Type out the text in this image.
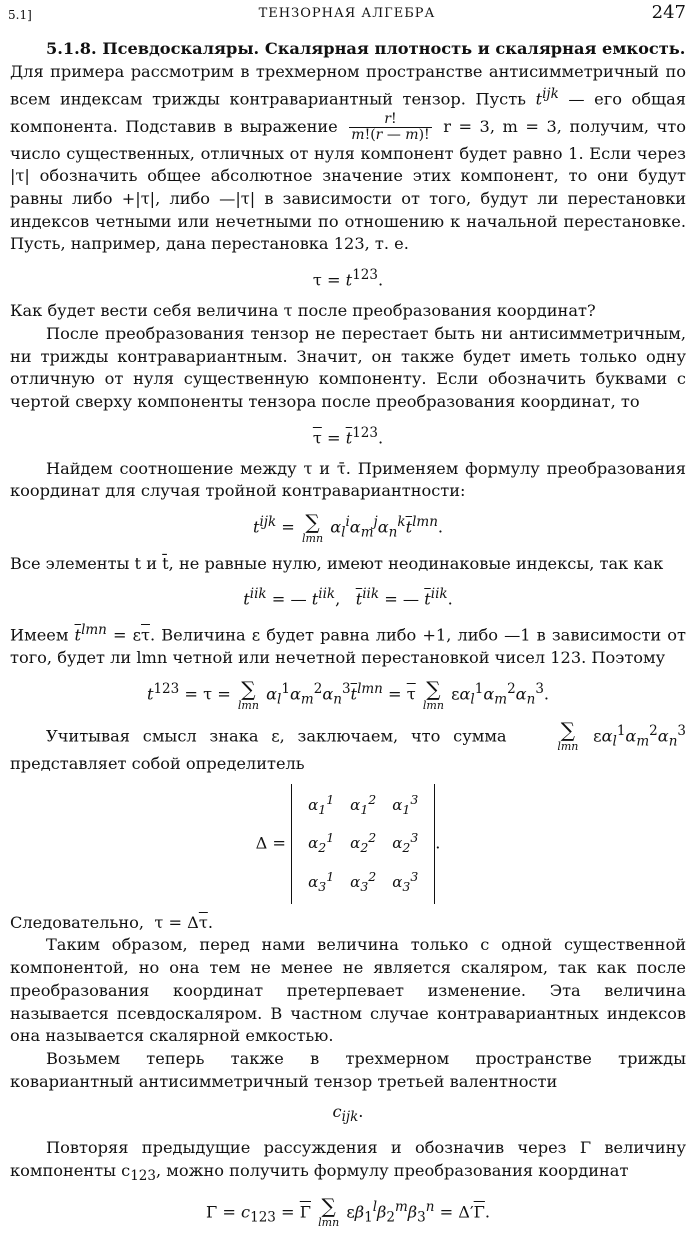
5.1]	ТЕНЗОРНАЯ АЛГЕБРА	247

5.1.8. Псевдоскаляры. Скалярная плотность и скалярная емкость.

Для примера рассмотрим в трехмерном пространстве антисимметричный по всем индексам трижды контравариантный тензор. Пусть $t^{ijk}$ — его общая компонента. Подставив в выражение $\frac{r!}{m!(r — m)!}$ r = 3, m = 3, получим, что число существенных, отличных от нуля компонент будет равно 1. Если через |τ| обозначить общее абсолютное значение этих компонент, то они будут равны либо +|τ|, либо —|τ| в зависимости от того, будут ли перестановки индексов четными или нечетными по отношению к начальной перестановке. Пусть, например, дана перестановка 123, т. е.

$\tau = t^{123}$.

Как будет вести себя величина τ после преобразования координат?

После преобразования тензор не перестает быть ни антисимметричным, ни трижды контравариантным. Значит, он также будет иметь только одну отличную от нуля существенную компоненту. Если обозначить буквами с чертой сверху компоненты тензора после преобразования координат, то

$\overline{\tau} = \overline{t}^{123}$.

Найдем соотношение между τ и τ̄. Применяем формулу преобразования координат для случая тройной контравариантности:

$t^{ijk}$ = ∑
lmn
$\alpha_l^i\alpha_m^j\alpha_n^k\overline{t}^{lmn}$.

Все элементы t и t̄, не равные нулю, имеют неодинаковые индексы, так как

$t^{iik}$ = — $t^{iik}$,   $\overline{t}^{iik}$ = — $\overline{t}^{iik}$.

Имеем $\overline{t}^{lmn} = \varepsilon\overline{\tau}$. Величина ε будет равна либо +1, либо —1 в зависимости от того, будет ли lmn четной или нечетной перестановкой чисел 123. Поэтому

$t^{123} = \tau$ = ∑
lmn
$\alpha_l^1\alpha_m^2\alpha_n^3\overline{t}^{lmn} = \overline{\tau}$ ∑
lmn
$\varepsilon\alpha_l^1\alpha_m^2\alpha_n^3$.

Учитывая смысл знака ε, заключаем, что сумма	∑
lmn
$\varepsilon\alpha_l^1\alpha_m^2\alpha_n^3$ представляет собой определитель

Δ =
$\alpha_1^1$	$\alpha_1^2$	$\alpha_1^3$
$\alpha_2^1$	$\alpha_2^2$	$\alpha_2^3$
$\alpha_3^1$	$\alpha_3^2$	$\alpha_3^3$
.

Следовательно,  $\tau = \Delta\overline{\tau}$.

Таким образом, перед нами величина только с одной существенной компонентой, но она тем не менее не является скаляром, так как после преобразования координат претерпевает изменение. Эта величина называется псевдоскаляром. В частном случае контравариантных индексов она называется скалярной емкостью.

Возьмем теперь также в трехмерном пространстве трижды ковариантный антисимметричный тензор третьей валентности

$c_{ijk}$.

Повторяя предыдущие рассуждения и обозначив через Γ величину компоненты $c_{123}$, можно получить формулу преобразования координат

$\Gamma = c_{123} = \overline{\Gamma}$ ∑
lmn
$\varepsilon\beta_1^l\beta_2^m\beta_3^n = \Delta'\overline{\Gamma}$.
